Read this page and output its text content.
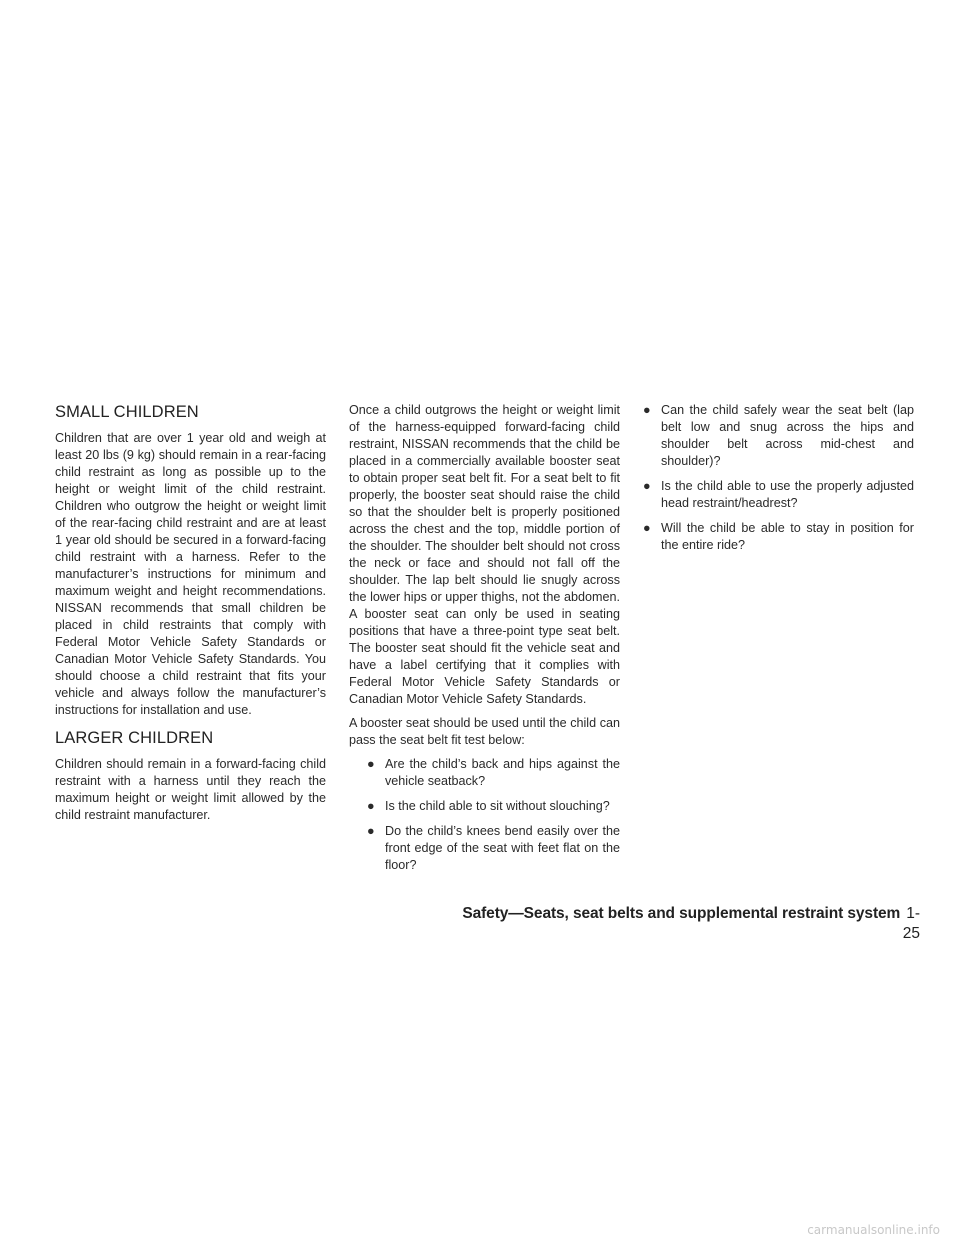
SMALL CHILDREN

Children that are over 1 year old and weigh at least 20 lbs (9 kg) should remain in a rear-facing child restraint as long as possible up to the height or weight limit of the child restraint. Children who outgrow the height or weight limit of the rear-facing child restraint and are at least 1 year old should be secured in a forward-facing child restraint with a harness. Refer to the manufacturer’s instructions for minimum and maximum weight and height recommendations. NISSAN recommends that small children be placed in child restraints that comply with Federal Motor Vehicle Safety Standards or Canadian Motor Vehicle Safety Standards. You should choose a child restraint that fits your vehicle and always follow the manufacturer’s instructions for installation and use.

LARGER CHILDREN

Children should remain in a forward-facing child restraint with a harness until they reach the maximum height or weight limit allowed by the child restraint manufacturer.

Once a child outgrows the height or weight limit of the harness-equipped forward-facing child restraint, NISSAN recommends that the child be placed in a commercially available booster seat to obtain proper seat belt fit. For a seat belt to fit properly, the booster seat should raise the child so that the shoulder belt is properly positioned across the chest and the top, middle portion of the shoulder. The shoulder belt should not cross the neck or face and should not fall off the shoulder. The lap belt should lie snugly across the lower hips or upper thighs, not the abdomen. A booster seat can only be used in seating positions that have a three-point type seat belt. The booster seat should fit the vehicle seat and have a label certifying that it complies with Federal Motor Vehicle Safety Standards or Canadian Motor Vehicle Safety Standards.

A booster seat should be used until the child can pass the seat belt fit test below:

● Are the child’s back and hips against the vehicle seatback?
● Is the child able to sit without slouching?
● Do the child’s knees bend easily over the front edge of the seat with feet flat on the floor?
● Can the child safely wear the seat belt (lap belt low and snug across the hips and shoulder belt across mid-chest and shoulder)?
● Is the child able to use the properly adjusted head restraint/headrest?
● Will the child be able to stay in position for the entire ride?
Safety—Seats, seat belts and supplemental restraint system 1-25
carmanualsonline.info
